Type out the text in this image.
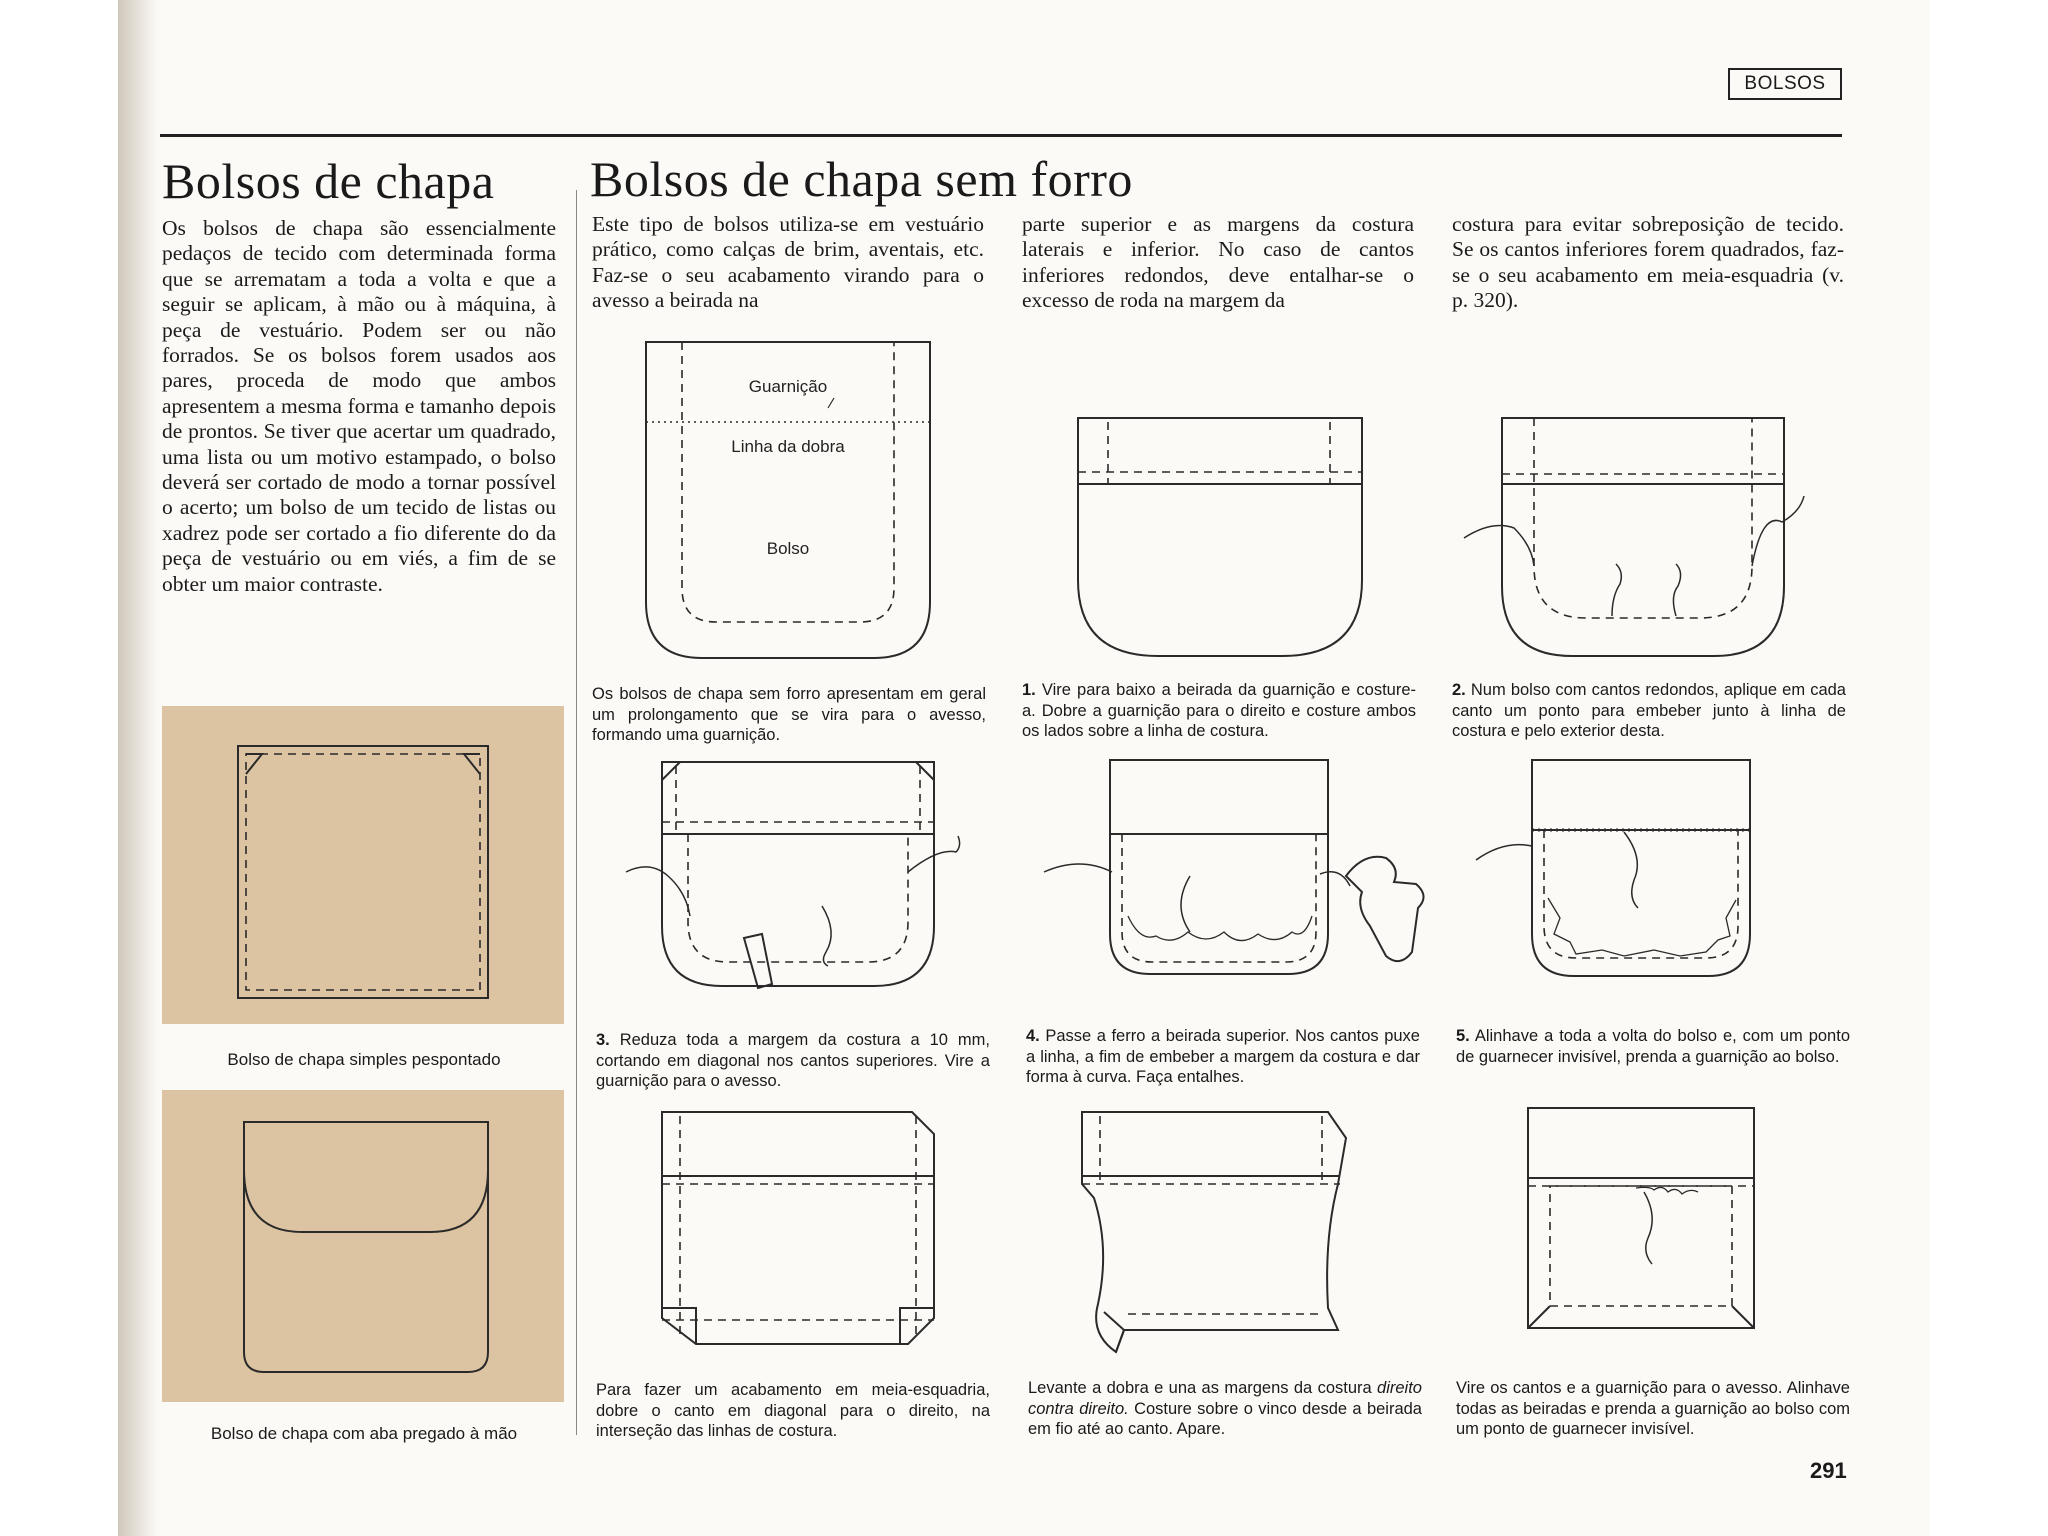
BOLSOS
Bolsos de chapa
Os bolsos de chapa são essencialmente pedaços de tecido com determinada forma que se arrematam a toda a volta e que a seguir se aplicam, à mão ou à máquina, à peça de vestuário. Podem ser ou não forrados. Se os bolsos forem usados aos pares, proceda de modo que ambos apresentem a mesma forma e tamanho depois de prontos. Se tiver que acertar um quadrado, uma lista ou um motivo estampado, o bolso deverá ser cortado de modo a tornar possível o acerto; um bolso de um tecido de listas ou xadrez pode ser cortado a fio diferente do da peça de vestuário ou em viés, a fim de se obter um maior contraste.
Bolso de chapa simples pespontado
Bolso de chapa com aba pregado à mão
Bolsos de chapa sem forro
Este tipo de bolsos utiliza-se em vestuário prático, como calças de brim, aventais, etc. Faz-se o seu acabamento virando para o avesso a beirada na
parte superior e as margens da costura laterais e inferior. No caso de cantos inferiores redondos, deve entalhar-se o excesso de roda na margem da
costura para evitar sobreposição de tecido. Se os cantos inferiores forem quadrados, faz-se o seu acabamento em meia-esquadria (v. p. 320).
Guarnição
Linha da dobra
Bolso
Os bolsos de chapa sem forro apresentam em geral um prolongamento que se vira para o avesso, formando uma guarnição.
1. Vire para baixo a beirada da guarnição e costure-a. Dobre a guarnição para o direito e costure ambos os lados sobre a linha de costura.
2. Num bolso com cantos redondos, aplique em cada canto um ponto para embeber junto à linha de costura e pelo exterior desta.
3. Reduza toda a margem da costura a 10 mm, cortando em diagonal nos cantos superiores. Vire a guarnição para o avesso.
4. Passe a ferro a beirada superior. Nos cantos puxe a linha, a fim de embeber a margem da costura e dar forma à curva. Faça entalhes.
5. Alinhave a toda a volta do bolso e, com um ponto de guarnecer invisível, prenda a guarnição ao bolso.
Para fazer um acabamento em meia-esquadria, dobre o canto em diagonal para o direito, na interseção das linhas de costura.
Levante a dobra e una as margens da costura direito contra direito. Costure sobre o vinco desde a beirada em fio até ao canto. Apare.
Vire os cantos e a guarnição para o avesso. Alinhave todas as beiradas e prenda a guarnição ao bolso com um ponto de guarnecer invisível.
291
